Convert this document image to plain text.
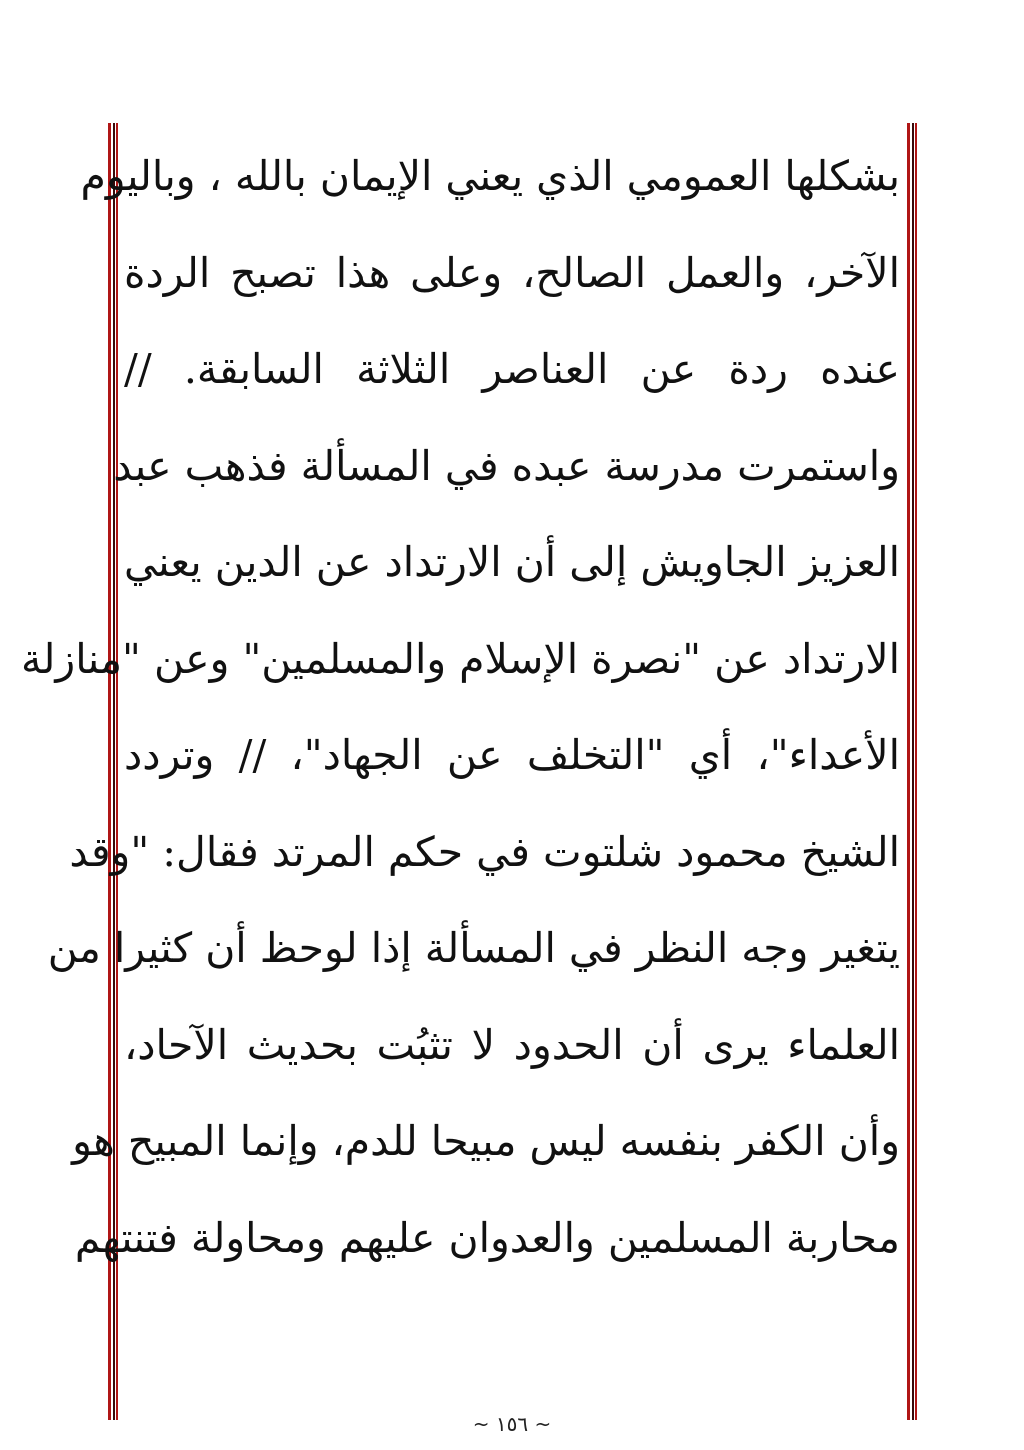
بشكلها العمومي الذي يعني الإيمان بالله ، وباليوم
الآخر، والعمل الصالح، وعلى هذا تصبح الردة
عنده ردة عن العناصر الثلاثة السابقة. //
واستمرت مدرسة عبده في المسألة فذهب عبد
العزيز الجاويش إلى أن الارتداد عن الدين يعني
الارتداد عن "نصرة الإسلام والمسلمين" وعن "منازلة
الأعداء"، أي "التخلف عن الجهاد"، // وتردد
الشيخ محمود شلتوت في حكم المرتد فقال: "وقد
يتغير وجه النظر في المسألة إذا لوحظ أن كثيرا من
العلماء يرى أن الحدود لا تثبُت بحديث الآحاد،
وأن الكفر بنفسه ليس مبيحا للدم، وإنما المبيح هو
محاربة المسلمين والعدوان عليهم ومحاولة فتنتهم
~ ١٥٦ ~
